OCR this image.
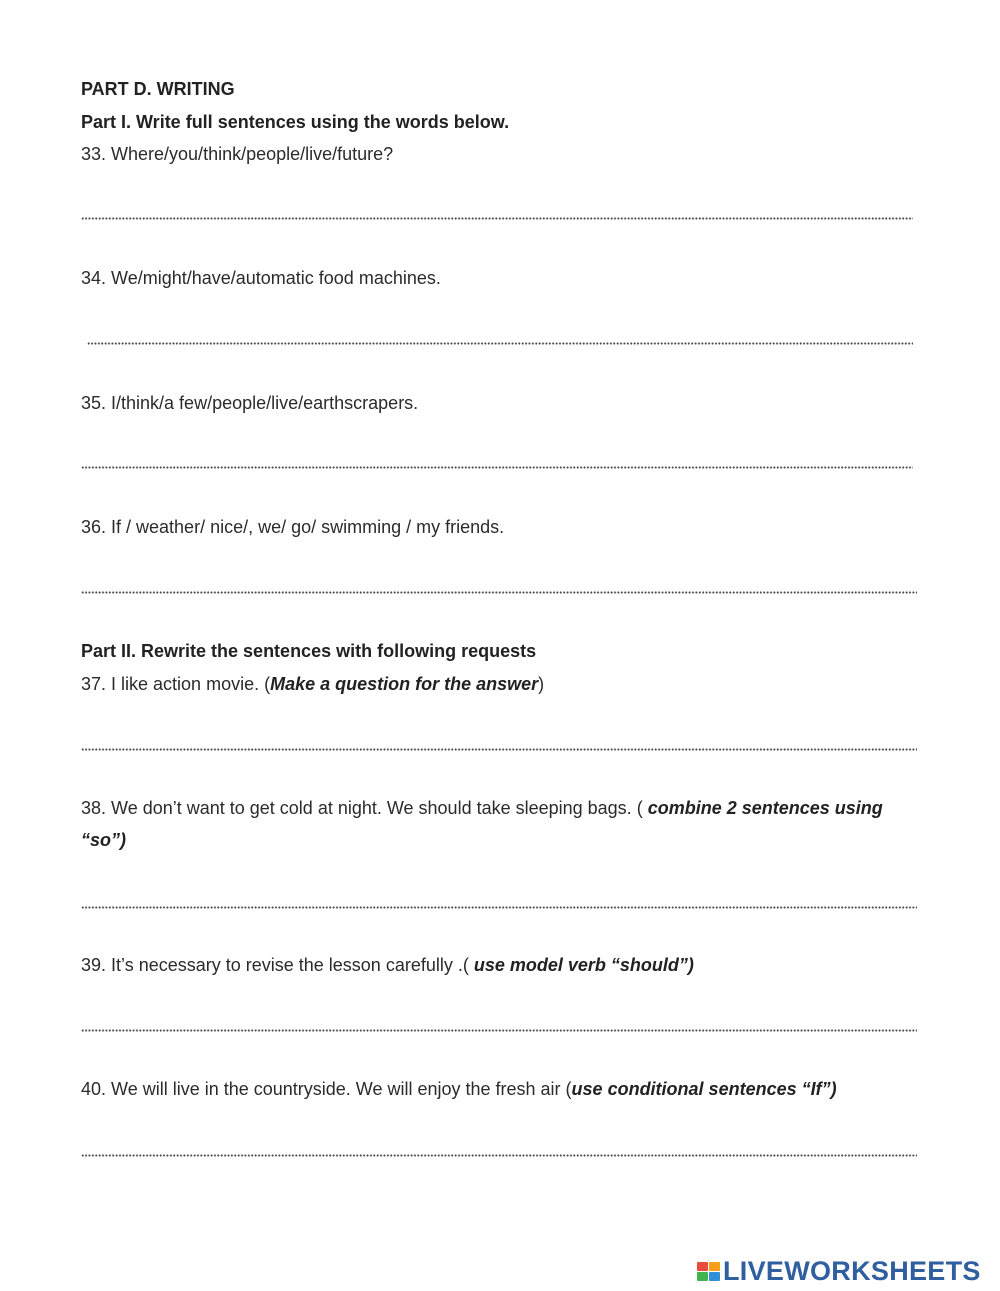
PART D. WRITING
Part I. Write full sentences using the words below.
33. Where/you/think/people/live/future?
34. We/might/have/automatic food machines.
35. I/think/a few/people/live/earthscrapers.
36. If / weather/ nice/, we/ go/ swimming / my friends.
Part II. Rewrite the sentences with following requests
37. I like action movie. (Make a question for the answer)
38. We don’t want to get cold at night. We should take sleeping bags. ( combine 2 sentences using
“so”)
39. It’s necessary to revise the lesson carefully .( use model verb “should”)
40. We will live in the countryside. We will enjoy the fresh air (use conditional sentences “If”)
LIVEWORKSHEETS
